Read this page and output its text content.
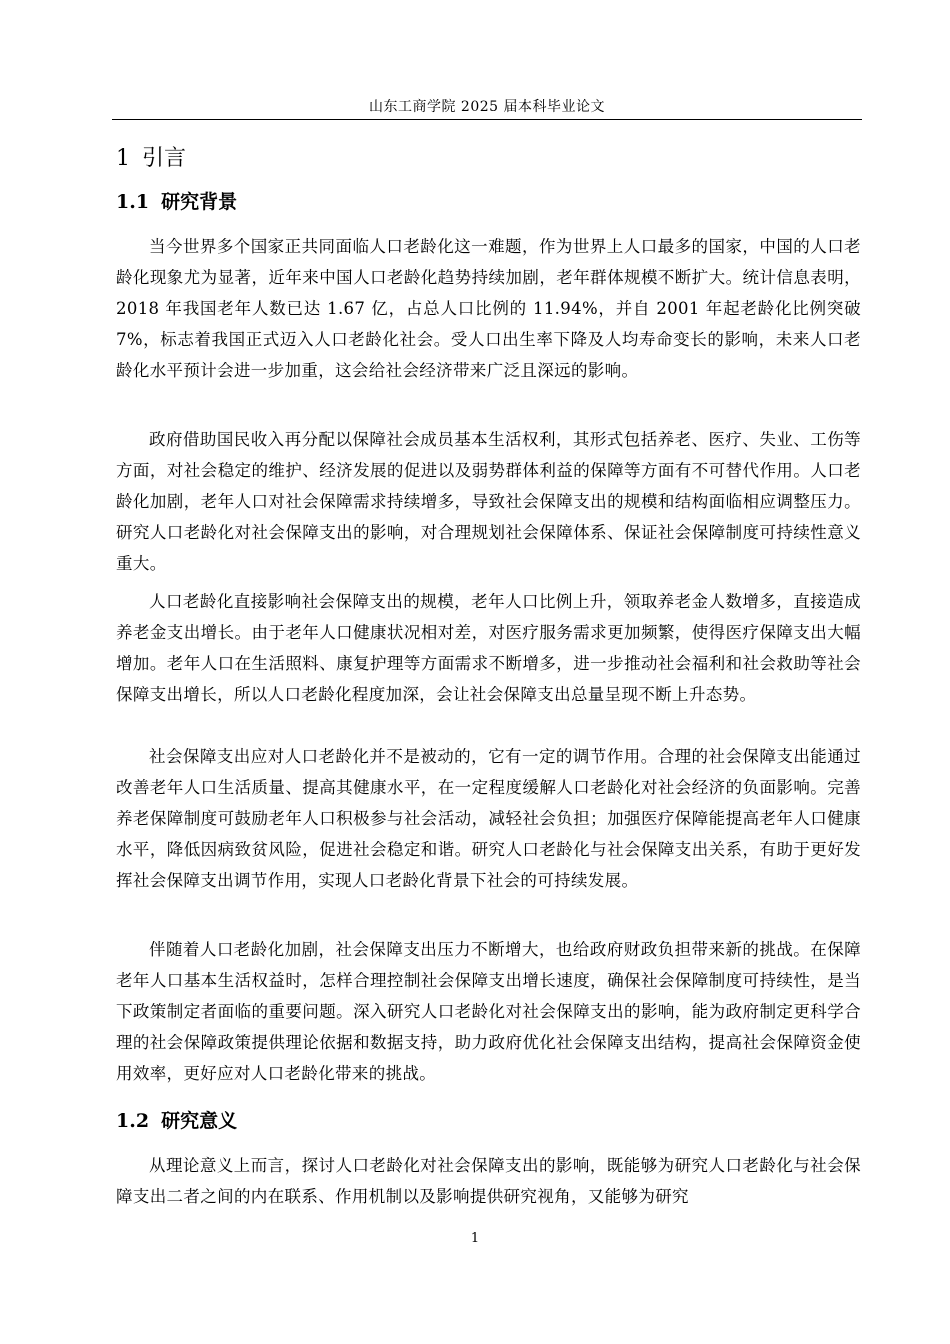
山东工商学院 2025 届本科毕业论文
1 引言
1.1 研究背景

当今世界多个国家正共同面临人口老龄化这一难题，作为世界上人口最多的国家，中国的人口老龄化现象尤为显著，近年来中国人口老龄化趋势持续加剧，老年群体规模不断扩大。统计信息表明，2018 年我国老年人数已达 1.67 亿，占总人口比例的 11.94%，并自 2001 年起老龄化比例突破 7%，标志着我国正式迈入人口老龄化社会。受人口出生率下降及人均寿命变长的影响，未来人口老龄化水平预计会进一步加重，这会给社会经济带来广泛且深远的影响。

政府借助国民收入再分配以保障社会成员基本生活权利，其形式包括养老、医疗、失业、工伤等方面，对社会稳定的维护、经济发展的促进以及弱势群体利益的保障等方面有不可替代作用。人口老龄化加剧，老年人口对社会保障需求持续增多，导致社会保障支出的规模和结构面临相应调整压力。研究人口老龄化对社会保障支出的影响，对合理规划社会保障体系、保证社会保障制度可持续性意义重大。

人口老龄化直接影响社会保障支出的规模，老年人口比例上升，领取养老金人数增多，直接造成养老金支出增长。由于老年人口健康状况相对差，对医疗服务需求更加频繁，使得医疗保障支出大幅增加。老年人口在生活照料、康复护理等方面需求不断增多，进一步推动社会福利和社会救助等社会保障支出增长，所以人口老龄化程度加深，会让社会保障支出总量呈现不断上升态势。

社会保障支出应对人口老龄化并不是被动的，它有一定的调节作用。合理的社会保障支出能通过改善老年人口生活质量、提高其健康水平，在一定程度缓解人口老龄化对社会经济的负面影响。完善养老保障制度可鼓励老年人口积极参与社会活动，减轻社会负担；加强医疗保障能提高老年人口健康水平，降低因病致贫风险，促进社会稳定和谐。研究人口老龄化与社会保障支出关系，有助于更好发挥社会保障支出调节作用，实现人口老龄化背景下社会的可持续发展。

伴随着人口老龄化加剧，社会保障支出压力不断增大，也给政府财政负担带来新的挑战。在保障老年人口基本生活权益时，怎样合理控制社会保障支出增长速度，确保社会保障制度可持续性，是当下政策制定者面临的重要问题。深入研究人口老龄化对社会保障支出的影响，能为政府制定更科学合理的社会保障政策提供理论依据和数据支持，助力政府优化社会保障支出结构，提高社会保障资金使用效率，更好应对人口老龄化带来的挑战。

1.2 研究意义

从理论意义上而言，探讨人口老龄化对社会保障支出的影响，既能够为研究人口老龄化与社会保障支出二者之间的内在联系、作用机制以及影响提供研究视角，又能够为研究

1
